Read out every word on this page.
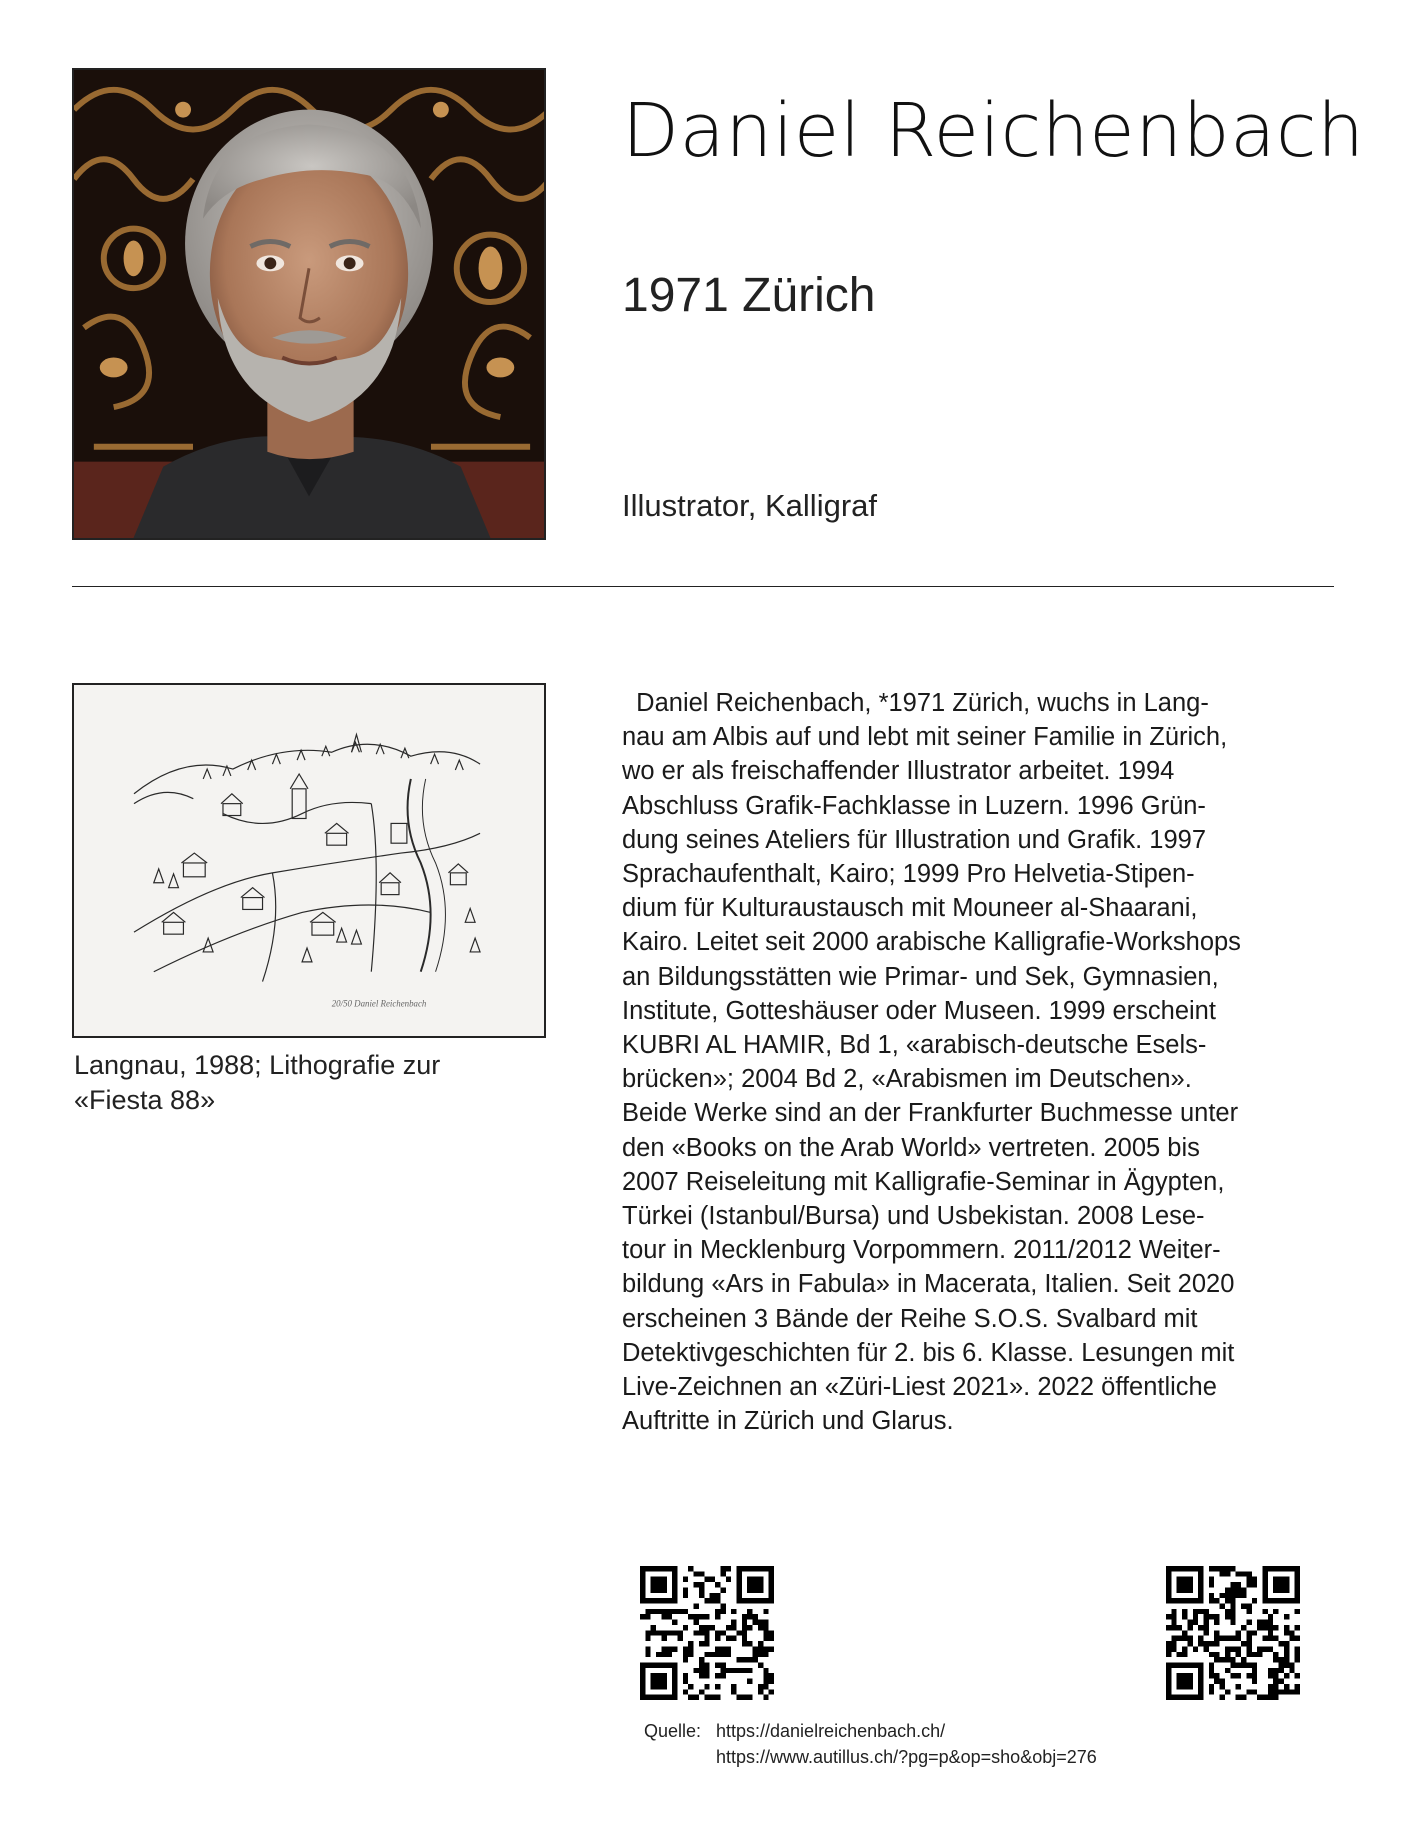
Daniel Reichenbach
1971 Zürich
Illustrator, Kalligraf
20/50 Daniel Reichenbach

Langnau, 1988; Lithografie zur
«Fiesta 88»

Daniel Reichenbach, *1971 Zürich, wuchs in Lang-
nau am Albis auf und lebt mit seiner Familie in Zürich,
wo er als freischaffender Illustrator arbeitet. 1994
Abschluss Grafik-Fachklasse in Luzern. 1996 Grün-
dung seines Ateliers für Illustration und Grafik. 1997
Sprachaufenthalt, Kairo; 1999 Pro Helvetia-Stipen-
dium für Kulturaustausch mit Mouneer al-Shaarani,
Kairo. Leitet seit 2000 arabische Kalligrafie-Workshops
an Bildungsstätten wie Primar- und Sek, Gymnasien,
Institute, Gotteshäuser oder Museen. 1999 erscheint
KUBRI AL HAMIR, Bd 1, «arabisch-deutsche Esels-
brücken»; 2004 Bd 2, «Arabismen im Deutschen».
Beide Werke sind an der Frankfurter Buchmesse unter
den «Books on the Arab World» vertreten. 2005 bis
2007 Reiseleitung mit Kalligrafie-Seminar in Ägypten,
Türkei (Istanbul/Bursa) und Usbekistan. 2008 Lese-
tour in Mecklenburg Vorpommern. 2011/2012 Weiter-
bildung «Ars in Fabula» in Macerata, Italien. Seit 2020
erscheinen 3 Bände der Reihe S.O.S. Svalbard mit
Detektivgeschichten für 2. bis 6. Klasse. Lesungen mit
Live-Zeichnen an «Züri-Liest 2021». 2022 öffentliche
Auftritte in Zürich und Glarus.

Quelle: https://danielreichenbach.ch/
https://www.autillus.ch/?pg=p&op=sho&obj=276
